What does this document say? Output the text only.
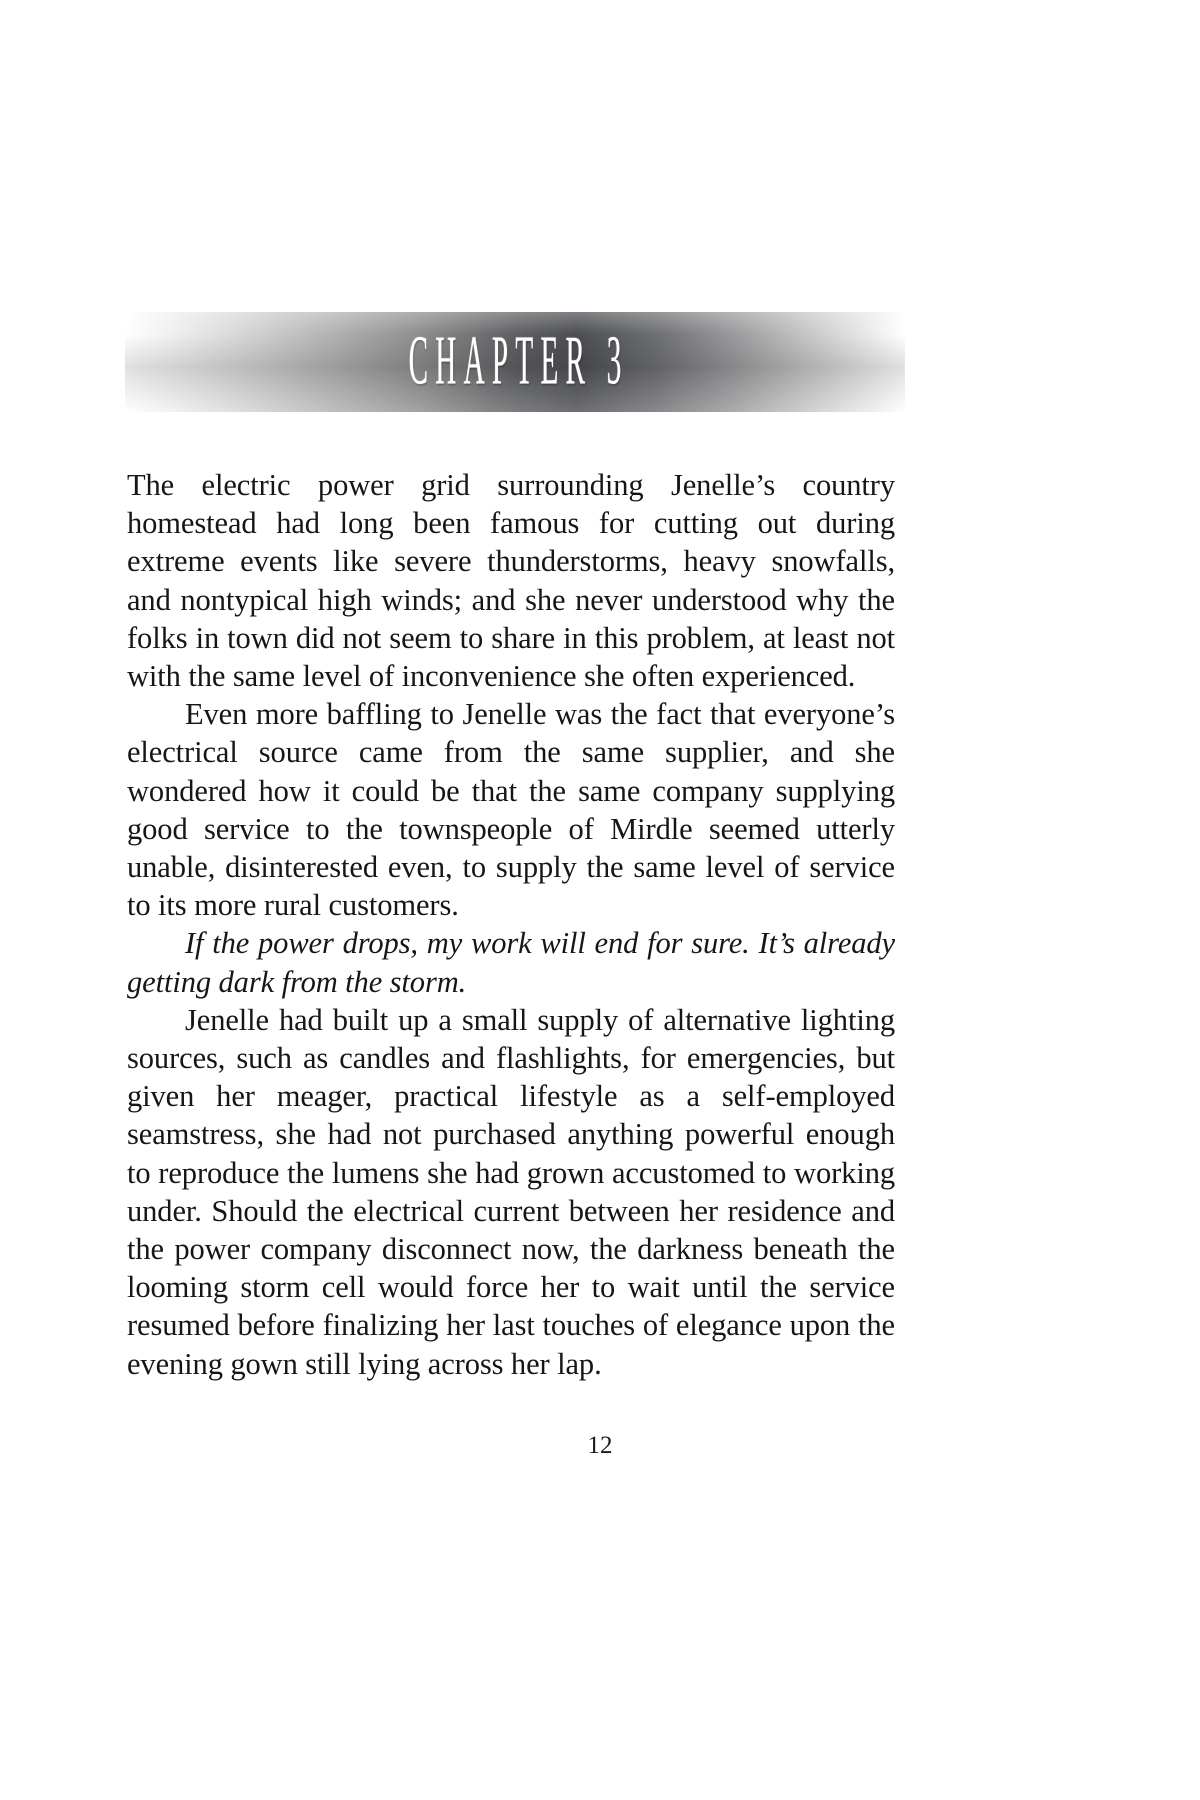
CHAPTER 3

The electric power grid surrounding Jenelle’s country homestead had long been famous for cutting out during extreme events like severe thunderstorms, heavy snowfalls, and nontypical high winds; and she never understood why the folks in town did not seem to share in this problem, at least not with the same level of inconvenience she often experienced.

Even more baffling to Jenelle was the fact that everyone’s electrical source came from the same supplier, and she wondered how it could be that the same company supplying good service to the townspeople of Mirdle seemed utterly unable, disinterested even, to supply the same level of service to its more rural customers.

If the power drops, my work will end for sure. It’s already getting dark from the storm.

Jenelle had built up a small supply of alternative lighting sources, such as candles and flashlights, for emergencies, but given her meager, practical lifestyle as a self-employed seamstress, she had not purchased anything powerful enough to reproduce the lumens she had grown accustomed to working under. Should the electrical current between her residence and the power company disconnect now, the darkness beneath the looming storm cell would force her to wait until the service resumed before finalizing her last touches of elegance upon the evening gown still lying across her lap.

12
